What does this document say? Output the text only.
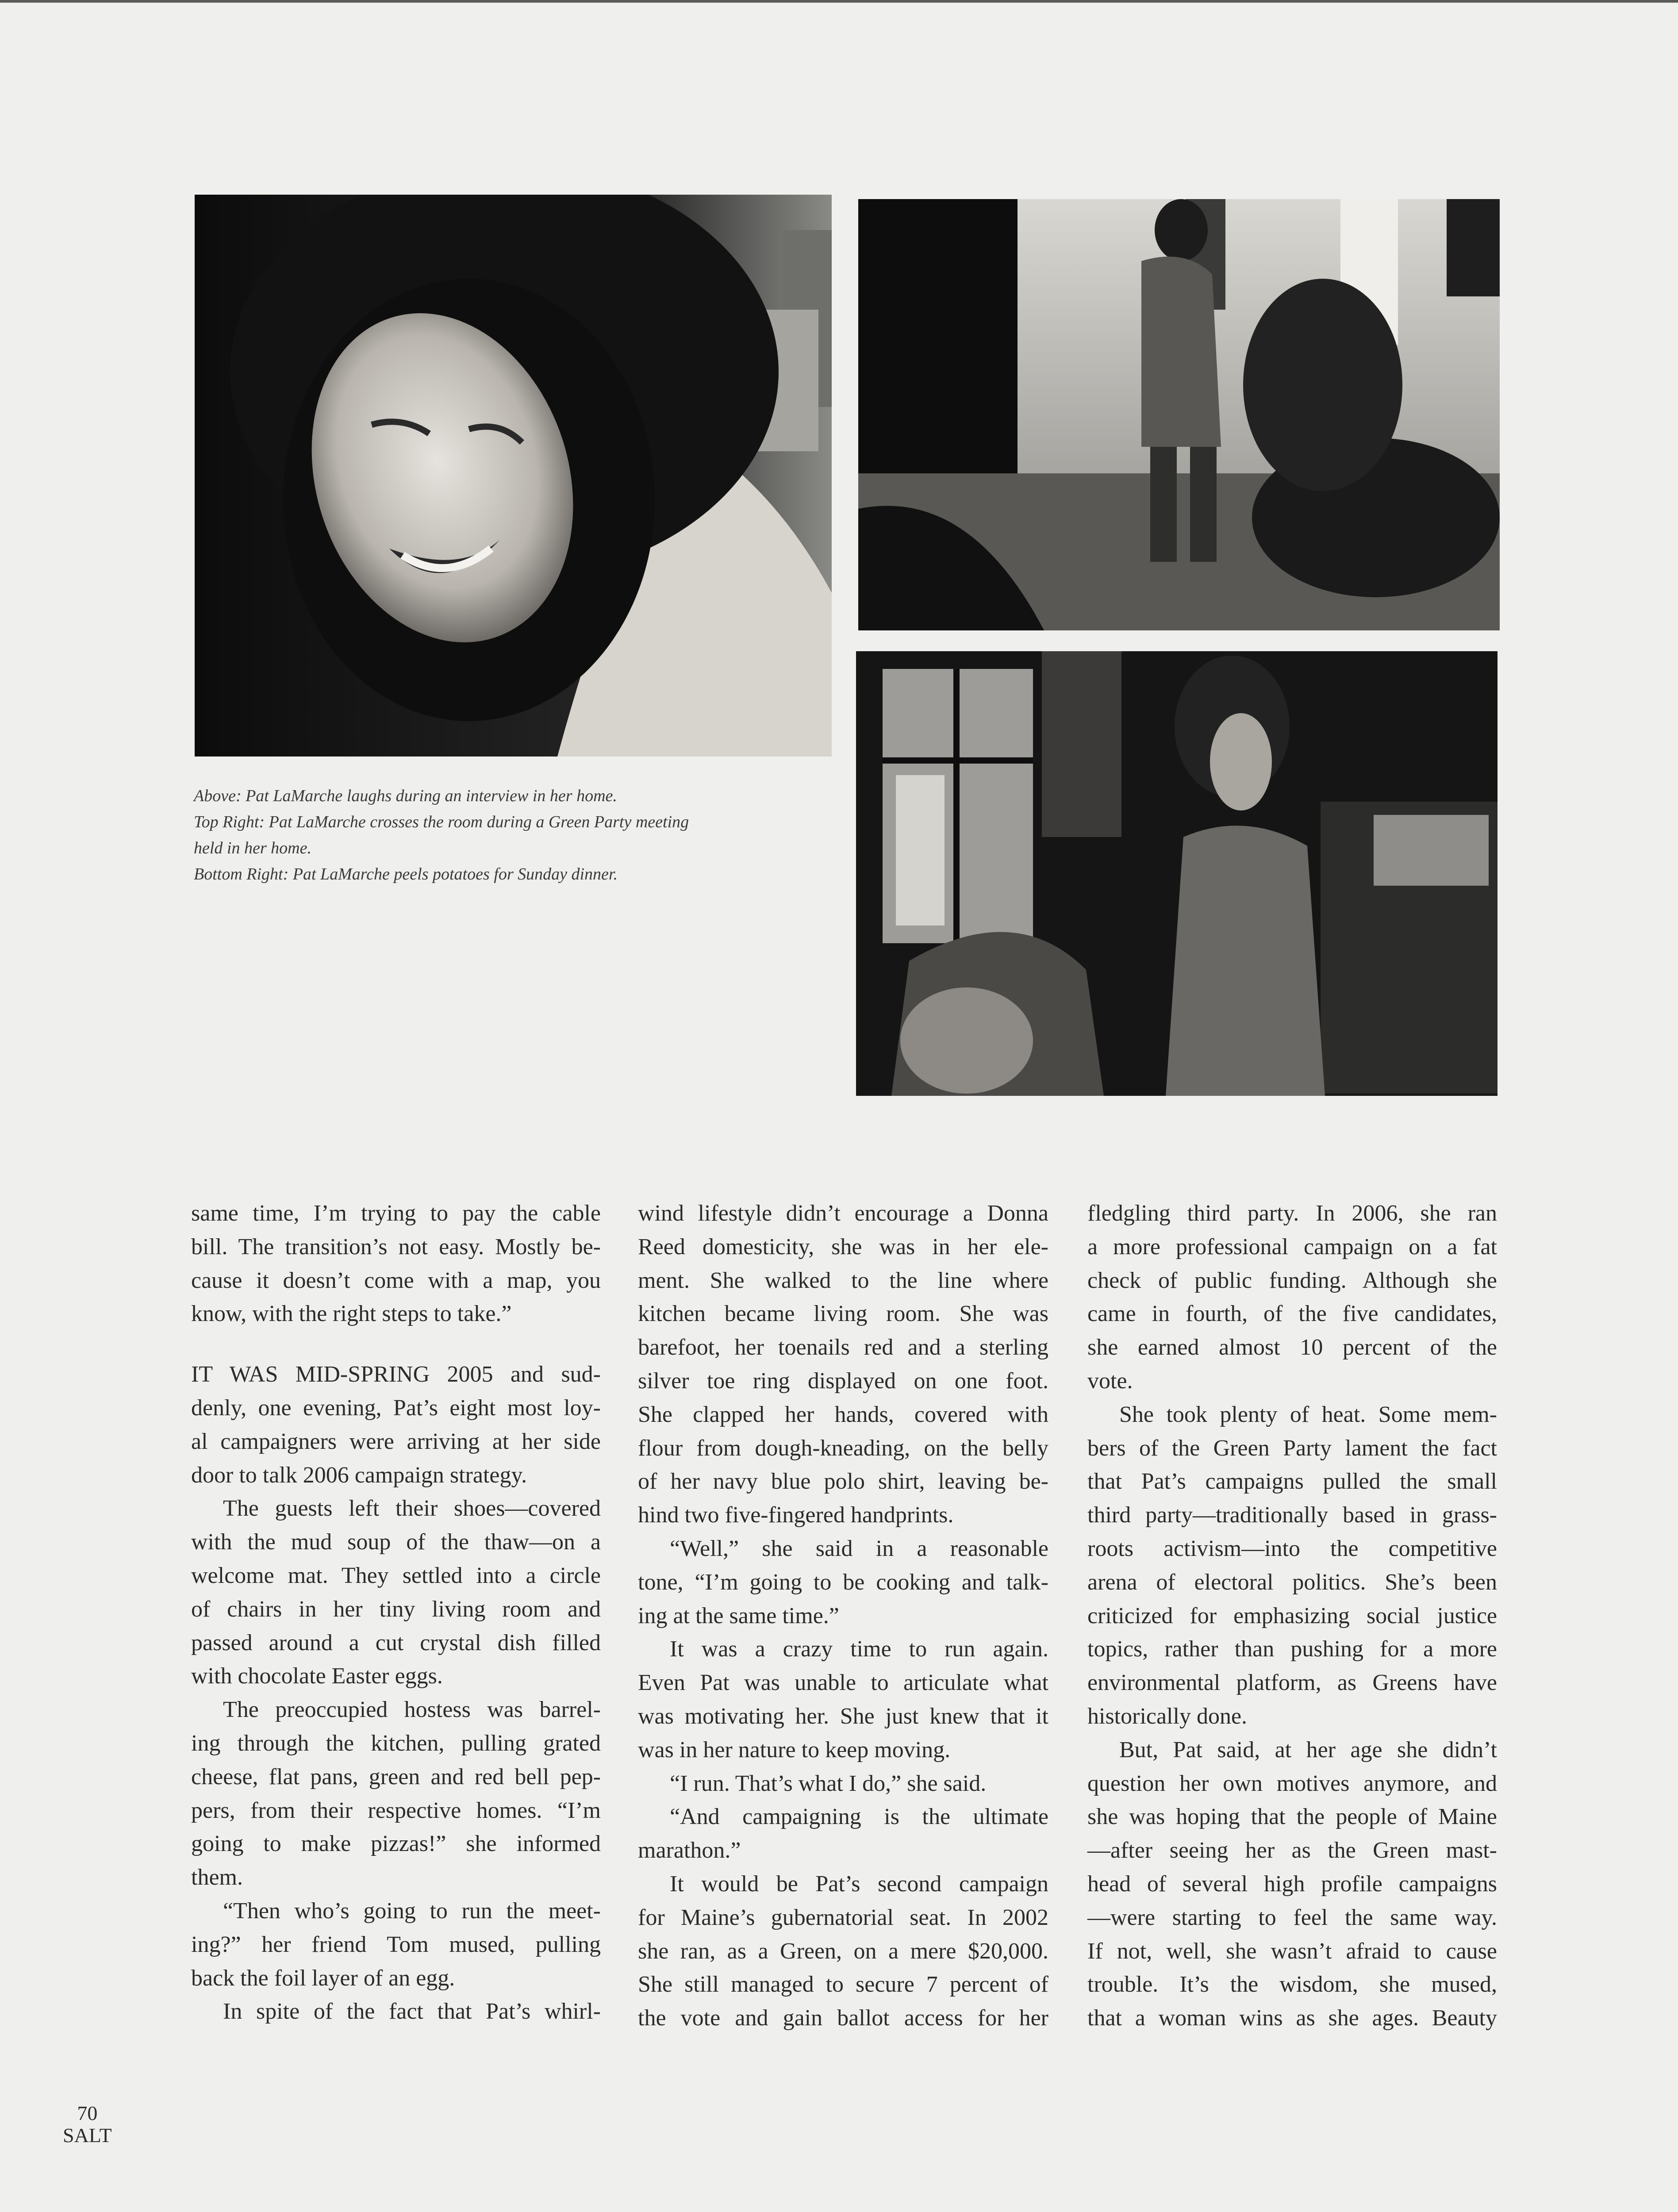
Above: Pat LaMarche laughs during an interview in her home.

Top Right: Pat LaMarche crosses the room during a Green Party meeting

held in her home.

Bottom Right: Pat LaMarche peels potatoes for Sunday dinner.

same time, I’m trying to pay the cable

bill. The transition’s not easy. Mostly be-

cause it doesn’t come with a map, you

know, with the right steps to take.”

IT WAS MID-SPRING 2005 and sud-

denly, one evening, Pat’s eight most loy-

al campaigners were arriving at her side

door to talk 2006 campaign strategy.

The guests left their shoes—covered

with the mud soup of the thaw—on a

welcome mat. They settled into a circle

of chairs in her tiny living room and

passed around a cut crystal dish filled

with chocolate Easter eggs.

The preoccupied hostess was barrel-

ing through the kitchen, pulling grated

cheese, flat pans, green and red bell pep-

pers, from their respective homes. “I’m

going to make pizzas!” she informed

them.

“Then who’s going to run the meet-

ing?” her friend Tom mused, pulling

back the foil layer of an egg.

In spite of the fact that Pat’s whirl-

wind lifestyle didn’t encourage a Donna

Reed domesticity, she was in her ele-

ment. She walked to the line where

kitchen became living room. She was

barefoot, her toenails red and a sterling

silver toe ring displayed on one foot.

She clapped her hands, covered with

flour from dough-kneading, on the belly

of her navy blue polo shirt, leaving be-

hind two five-fingered handprints.

“Well,” she said in a reasonable

tone, “I’m going to be cooking and talk-

ing at the same time.”

It was a crazy time to run again.

Even Pat was unable to articulate what

was motivating her. She just knew that it

was in her nature to keep moving.

“I run. That’s what I do,” she said.

“And campaigning is the ultimate

marathon.”

It would be Pat’s second campaign

for Maine’s gubernatorial seat. In 2002

she ran, as a Green, on a mere $20,000.

She still managed to secure 7 percent of

the vote and gain ballot access for her

fledgling third party. In 2006, she ran

a more professional campaign on a fat

check of public funding. Although she

came in fourth, of the five candidates,

she earned almost 10 percent of the

vote.

She took plenty of heat. Some mem-

bers of the Green Party lament the fact

that Pat’s campaigns pulled the small

third party—traditionally based in grass-

roots activism—into the competitive

arena of electoral politics. She’s been

criticized for emphasizing social justice

topics, rather than pushing for a more

environmental platform, as Greens have

historically done.

But, Pat said, at her age she didn’t

question her own motives anymore, and

she was hoping that the people of Maine

—after seeing her as the Green mast-

head of several high profile campaigns

—were starting to feel the same way.

If not, well, she wasn’t afraid to cause

trouble. It’s the wisdom, she mused,

that a woman wins as she ages. Beauty

70
SALT
